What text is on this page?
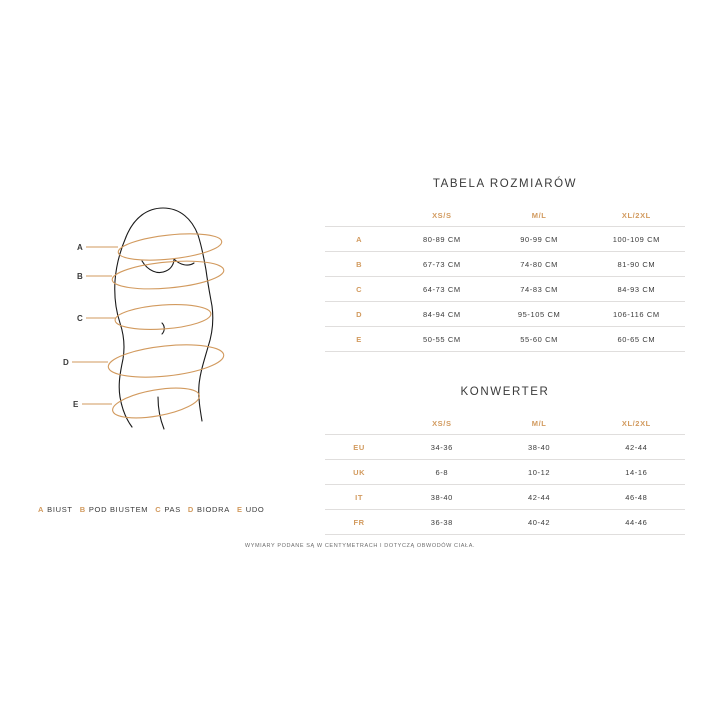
A
B
C
D
E
A BIUST B POD BIUSTEM C PAS D BIODRA E UDO
TABELA ROZMIARÓW
	XS/S	M/L	XL/2XL
A	80-89 CM	90-99 CM	100-109 CM
B	67-73 CM	74-80 CM	81-90 CM
C	64-73 CM	74-83 CM	84-93 CM
D	84-94 CM	95-105 CM	106-116 CM
E	50-55 CM	55-60 CM	60-65 CM
KONWERTER
	XS/S	M/L	XL/2XL
EU	34-36	38-40	42-44
UK	6-8	10-12	14-16
IT	38-40	42-44	46-48
FR	36-38	40-42	44-46
WYMIARY PODANE SĄ W CENTYMETRACH I DOTYCZĄ OBWODÓW CIAŁA.
